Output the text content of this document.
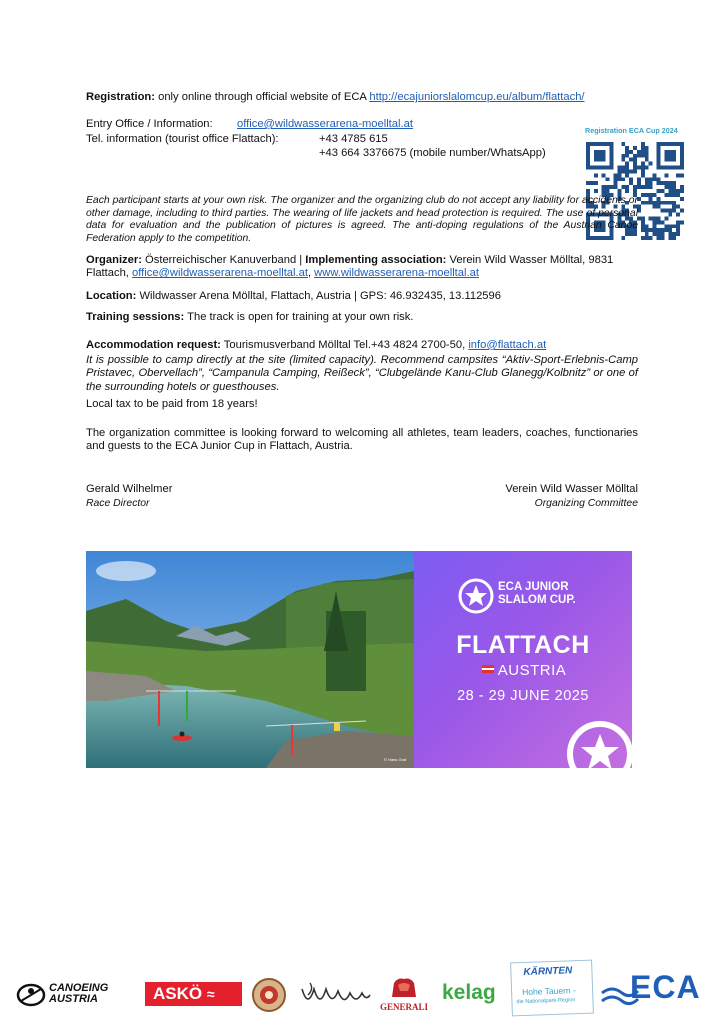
Registration: only online through official website of ECA http://ecajuniorslalomcup.eu/album/flattach/
Entry Office / Information: office@wildwasserarena-moelltal.at
Tel. information (tourist office Flattach):	+43 4785 615
+43 664 3376675 (mobile number/WhatsApp)
Registration ECA Cup 2024
Each participant starts at your own risk. The organizer and the organizing club do not accept any liability for accidents or other damage, including to third parties. The wearing of life jackets and head protection is required. The use of personal data for evaluation and the publication of pictures is agreed. The anti-doping regulations of the Austrian Canoe Federation apply to the competition.
Organizer: Österreichischer Kanuverband | Implementing association: Verein Wild Wasser Mölltal, 9831
Flattach, office@wildwasserarena-moelltal.at, www.wildwasserarena-moelltal.at
Location: Wildwasser Arena Mölltal, Flattach, Austria | GPS: 46.932435, 13.112596
Training sessions: The track is open for training at your own risk.
Accommodation request: Tourismusverband Mölltal Tel.+43 4824 2700-50, info@flattach.at
It is possible to camp directly at the site (limited capacity). Recommend campsites “Aktiv-Sport-Erlebnis-Camp Pristavec, Obervellach”, “Campanula Camping, Reißeck”, “Clubgelände Kanu-Club Glanegg/Kolbnitz” or one of the surrounding hotels or guesthouses.
Local tax to be paid from 18 years!
The organization committee is looking forward to welcoming all athletes, team leaders, coaches, functionaries and guests to the ECA Junior Cup in Flattach, Austria.
Gerald Wilhelmer
Race Director
Verein Wild Wasser Mölltal
Organizing Committee
© Hans Graf
ECA JUNIOR
SLALOM CUP.
FLATTACH
AUSTRIA
28 - 29 JUNE 2025
CANOEING
AUSTRIA	ASKÖ ≈
GENERALI
kelag
KÄRNTEN
Hohe Tauern -
die Nationalpark-Region ECA
